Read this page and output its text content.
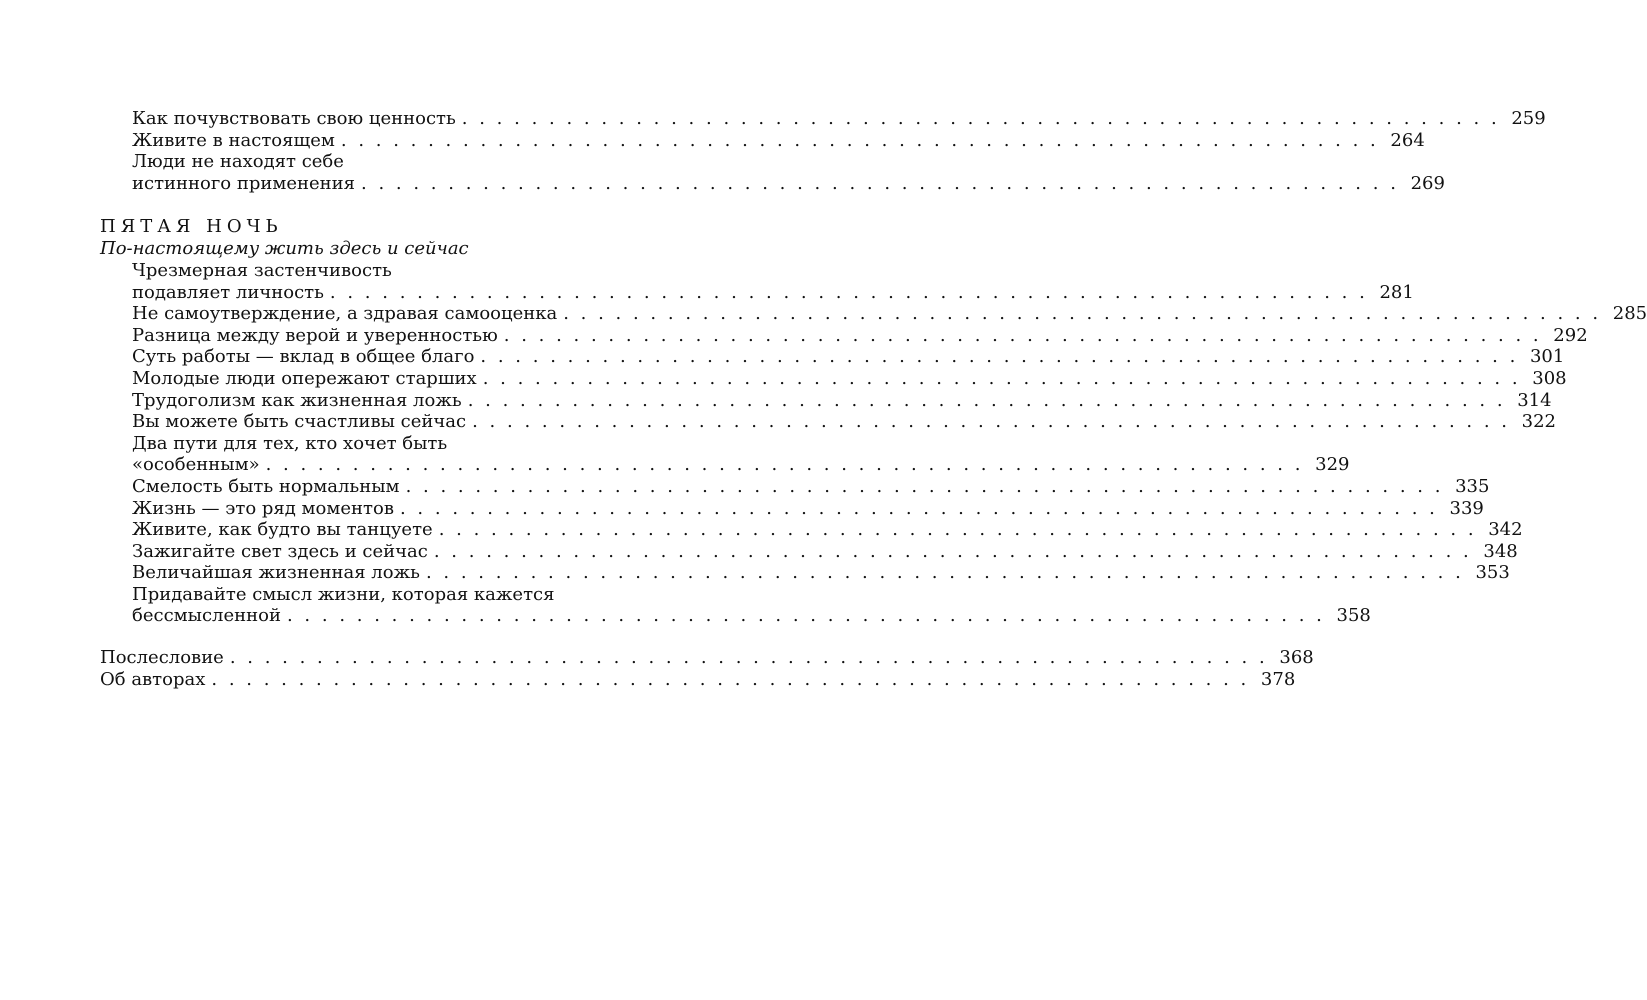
Как почувствовать свою ценность . . .	259
Живите в настоящем . . .	264
Люди не находят себе
истинного применения . . .	269
ПЯТАЯ НОЧЬ
По-настоящему жить здесь и сейчас
Чрезмерная застенчивость
подавляет личность . . .	281
Не самоутверждение, а здравая самооценка . . .	285
Разница между верой и уверенностью . . .	292
Суть работы — вклад в общее благо . . .	301
Молодые люди опережают старших . . .	308
Трудоголизм как жизненная ложь . . .	314
Вы можете быть счастливы сейчас . . .	322
Два пути для тех, кто хочет быть
«особенным» . . .	329
Смелость быть нормальным . . .	335
Жизнь — это ряд моментов . . .	339
Живите, как будто вы танцуете . . .	342
Зажигайте свет здесь и сейчас . . .	348
Величайшая жизненная ложь . . .	353
Придавайте смысл жизни, которая кажется
бессмысленной . . .	358
Послесловие . . .	368
Об авторах . . .	378
